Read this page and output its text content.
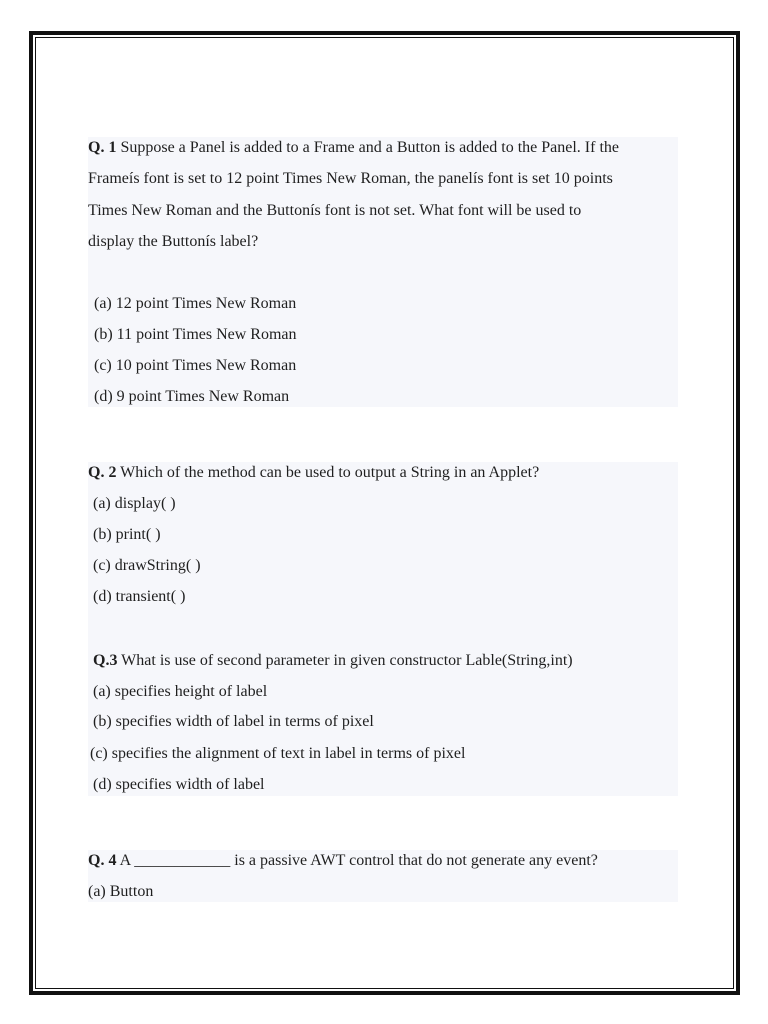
Q. 1 Suppose a Panel is added to a Frame and a Button is added to the Panel. If the
Frameís font is set to 12 point Times New Roman, the panelís font is set 10 points
Times New Roman and the Buttonís font is not set. What font will be used to
display the Buttonís label?
(a) 12 point Times New Roman
(b) 11 point Times New Roman
(c) 10 point Times New Roman
(d) 9 point Times New Roman
Q. 2 Which of the method can be used to output a String in an Applet?
(a) display( )
(b) print( )
(c) drawString( )
(d) transient( )
Q.3 What is use of second parameter in given constructor Lable(String,int)
(a) specifies height of label
(b) specifies width of label in terms of pixel
(c) specifies the alignment of text in label in terms of pixel
(d) specifies width of label
Q. 4 A ____________ is a passive AWT control that do not generate any event?
(a) Button
